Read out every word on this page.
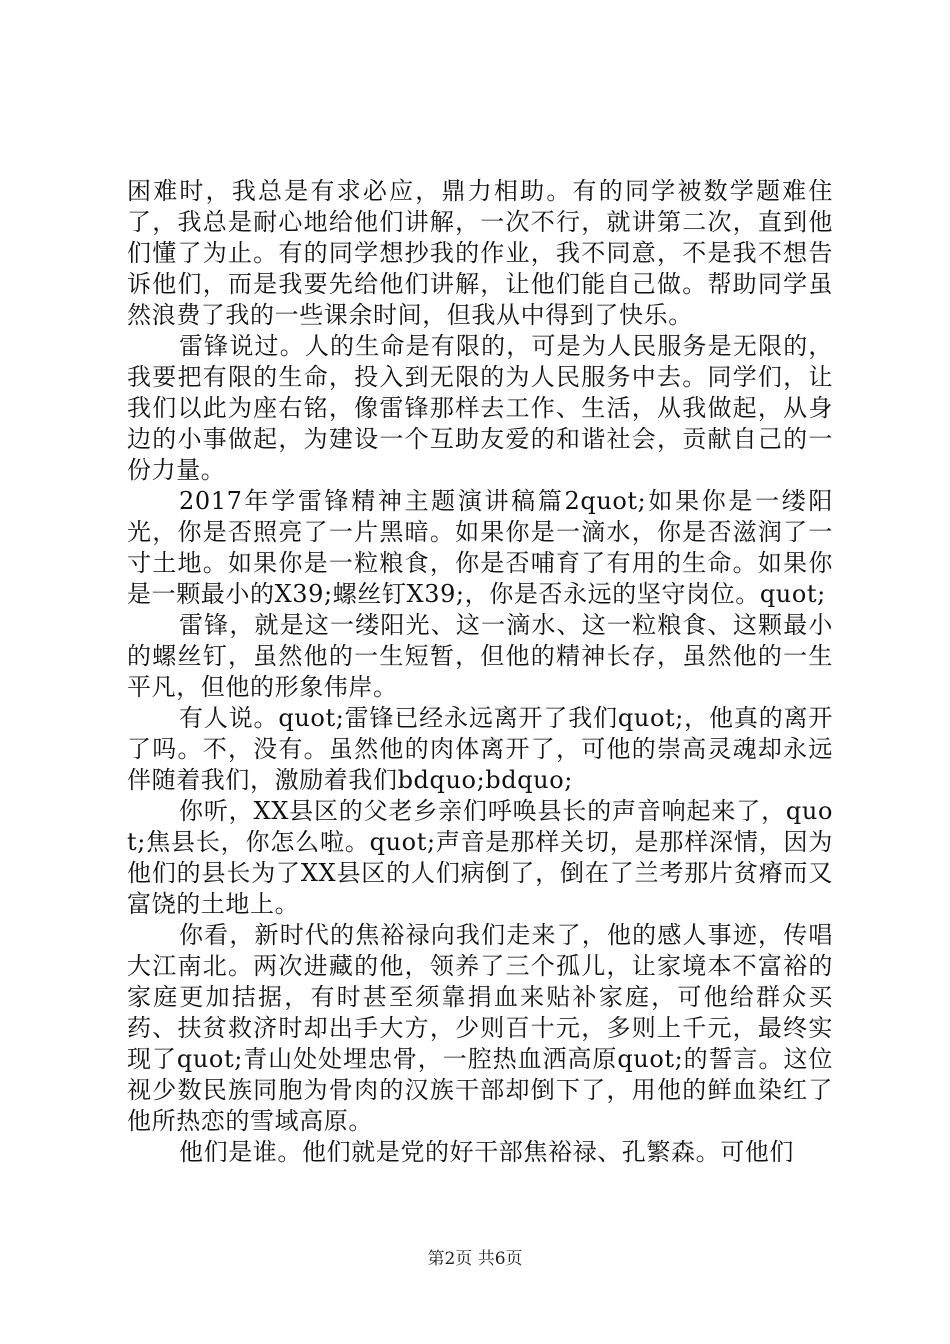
困难时，我总是有求必应，鼎力相助。有的同学被数学题难住了，我总是耐心地给他们讲解，一次不行，就讲第二次，直到他们懂了为止。有的同学想抄我的作业，我不同意，不是我不想告诉他们，而是我要先给他们讲解，让他们能自己做。帮助同学虽然浪费了我的一些课余时间，但我从中得到了快乐。

雷锋说过。人的生命是有限的，可是为人民服务是无限的，我要把有限的生命，投入到无限的为人民服务中去。同学们，让我们以此为座右铭，像雷锋那样去工作、生活，从我做起，从身边的小事做起，为建设一个互助友爱的和谐社会，贡献自己的一份力量。

2017年学雷锋精神主题演讲稿篇2quot;如果你是一缕阳光，你是否照亮了一片黑暗。如果你是一滴水，你是否滋润了一寸土地。如果你是一粒粮食，你是否哺育了有用的生命。如果你是一颗最小的X39;螺丝钉X39;，你是否永远的坚守岗位。quot;

雷锋，就是这一缕阳光、这一滴水、这一粒粮食、这颗最小的螺丝钉，虽然他的一生短暂，但他的精神长存，虽然他的一生平凡，但他的形象伟岸。

有人说。quot;雷锋已经永远离开了我们quot;，他真的离开了吗。不，没有。虽然他的肉体离开了，可他的崇高灵魂却永远伴随着我们，激励着我们bdquo;bdquo;

你听，XX县区的父老乡亲们呼唤县长的声音响起来了，quot;焦县长，你怎么啦。quot;声音是那样关切，是那样深情，因为他们的县长为了XX县区的人们病倒了，倒在了兰考那片贫瘠而又富饶的土地上。

你看，新时代的焦裕禄向我们走来了，他的感人事迹，传唱大江南北。两次进藏的他，领养了三个孤儿，让家境本不富裕的家庭更加拮据，有时甚至须靠捐血来贴补家庭，可他给群众买药、扶贫救济时却出手大方，少则百十元，多则上千元，最终实现了quot;青山处处埋忠骨，一腔热血洒高原quot;的誓言。这位视少数民族同胞为骨肉的汉族干部却倒下了，用他的鲜血染红了他所热恋的雪域高原。

他们是谁。他们就是党的好干部焦裕禄、孔繁森。可他们

第2页 共6页
